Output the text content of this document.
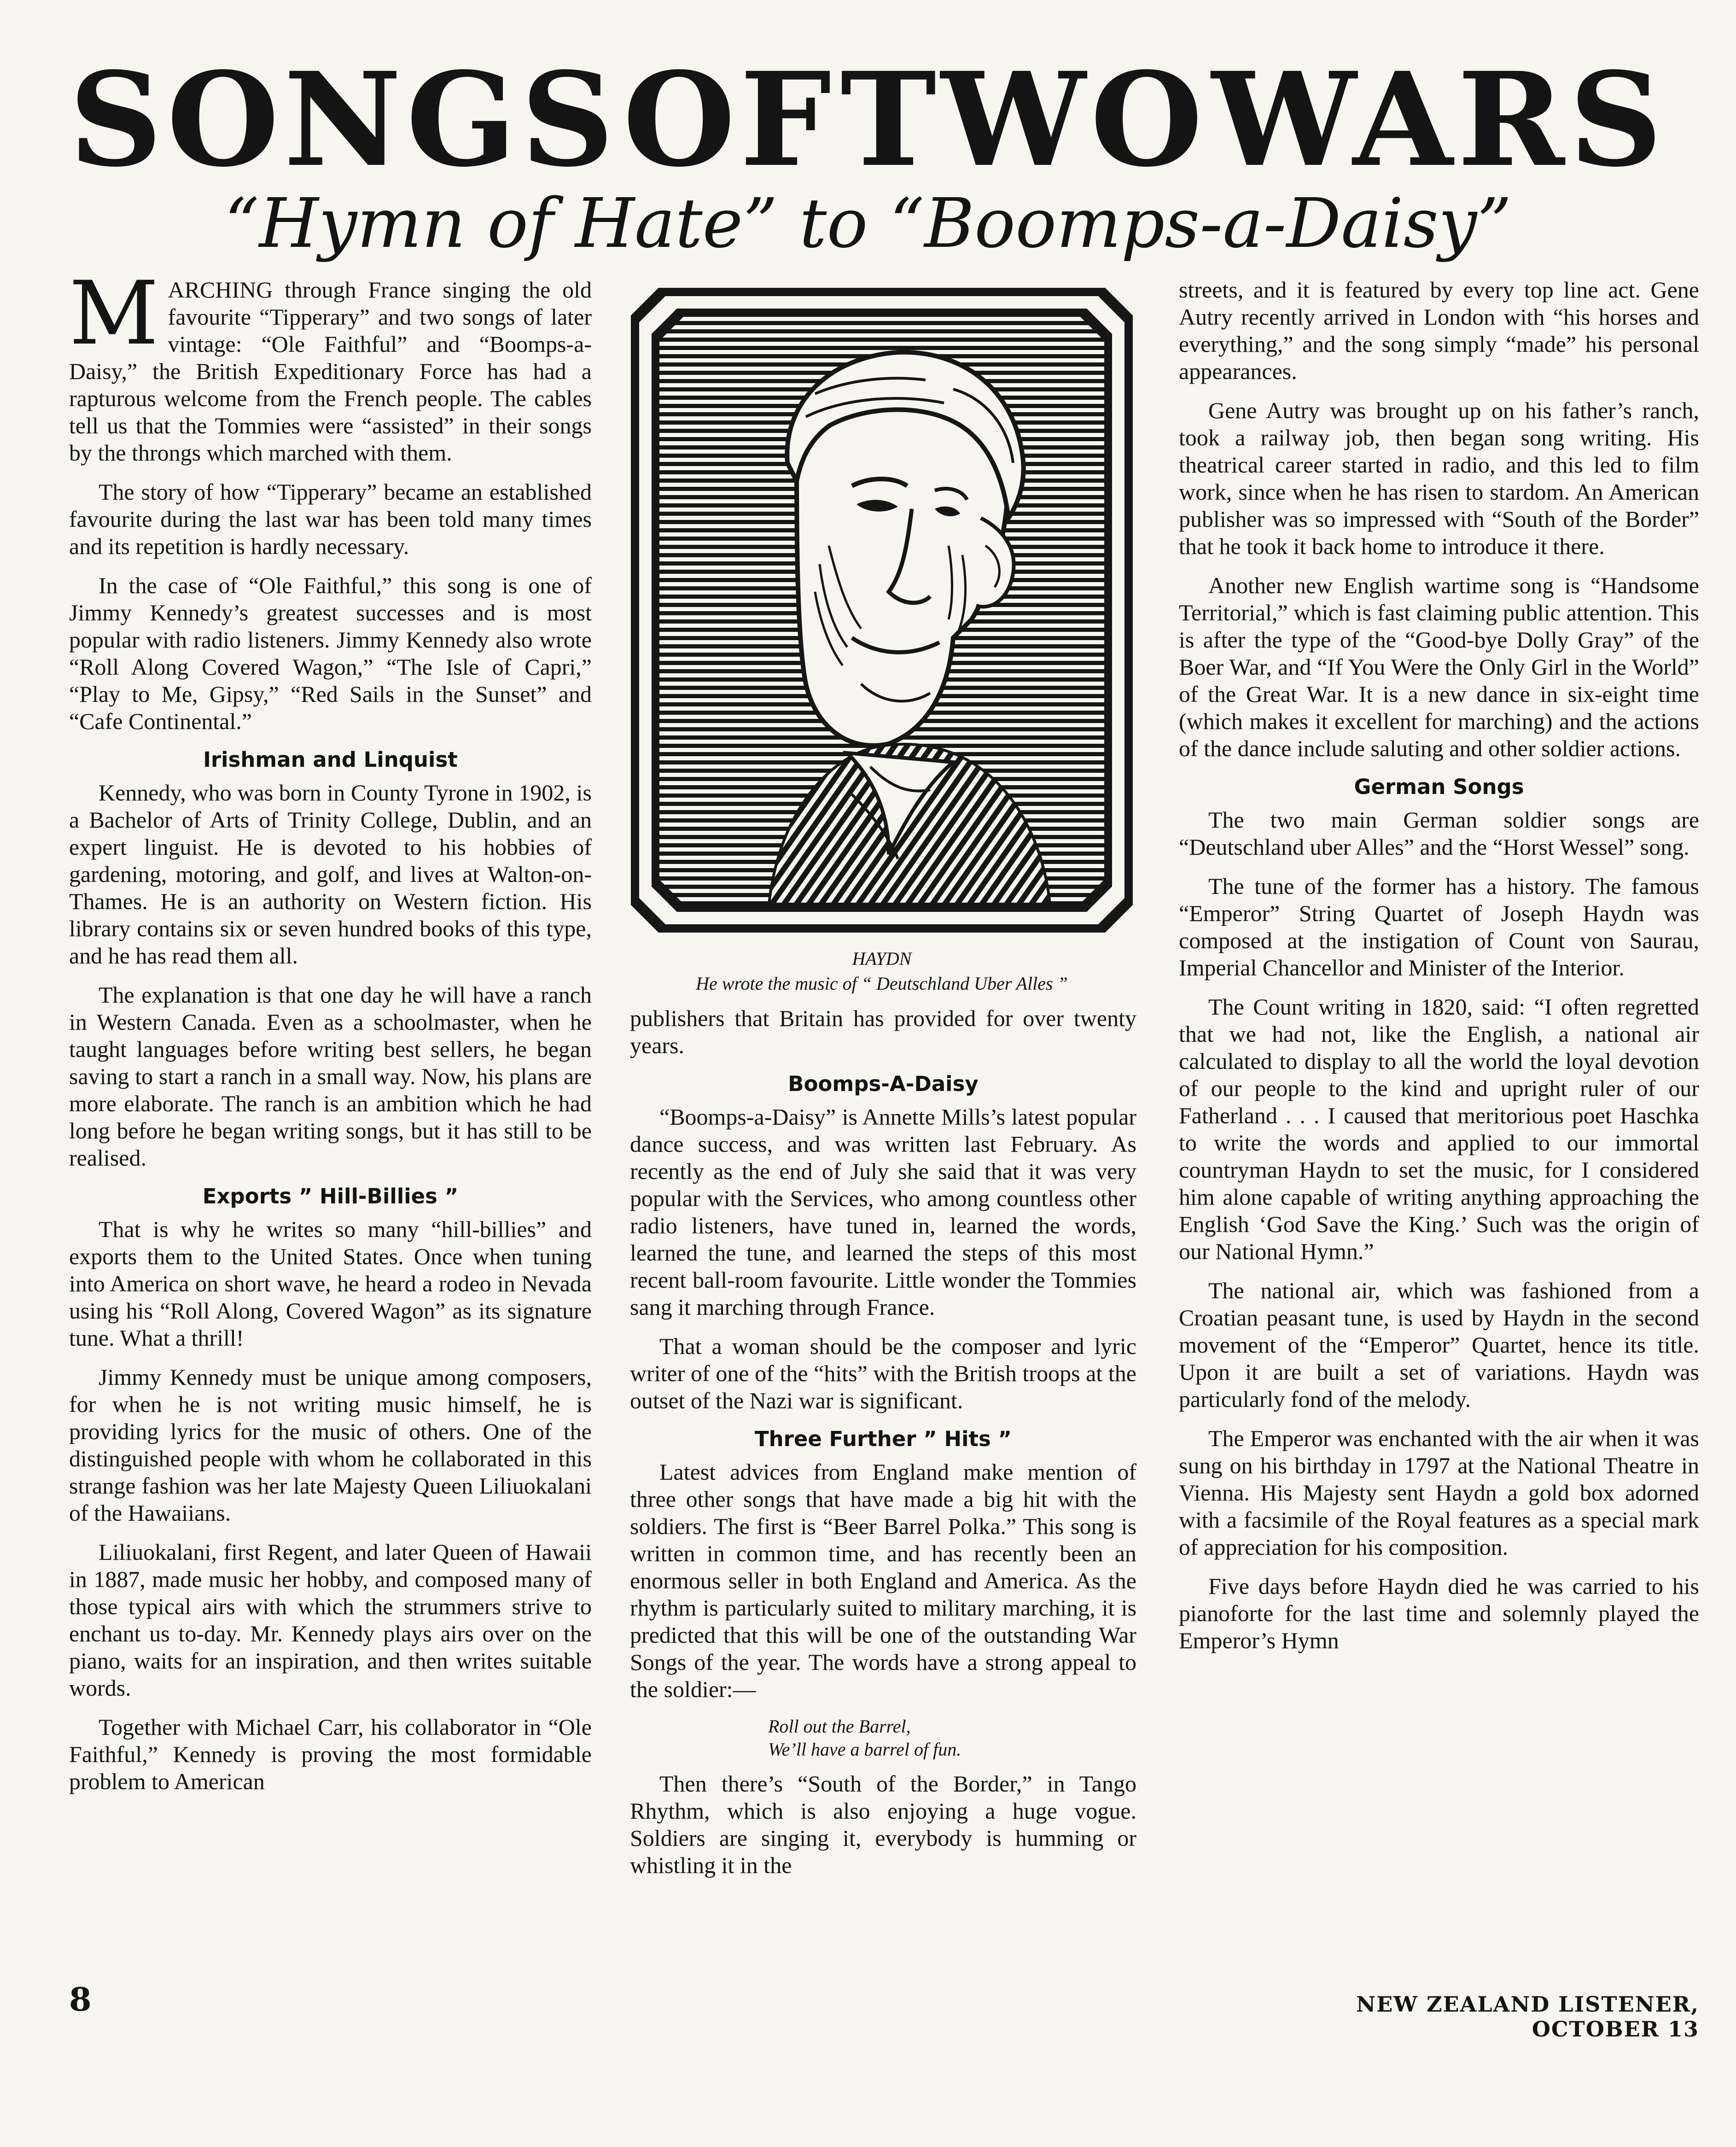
SONGS OF TWO WARS
“Hymn of Hate” to “Boomps-a-Daisy”

MARCHING through France singing the old favourite “Tipperary” and two songs of later vintage: “Ole Faithful” and “Boomps-a-Daisy,” the British Expeditionary Force has had a rapturous welcome from the French people. The cables tell us that the Tommies were “assisted” in their songs by the throngs which marched with them.

The story of how “Tipperary” became an established favourite during the last war has been told many times and its repetition is hardly necessary.

In the case of “Ole Faithful,” this song is one of Jimmy Kennedy’s greatest successes and is most popular with radio listeners. Jimmy Kennedy also wrote “Roll Along Covered Wagon,” “The Isle of Capri,” “Play to Me, Gipsy,” “Red Sails in the Sunset” and “Cafe Continental.”

Irishman and Linquist

Kennedy, who was born in County Tyrone in 1902, is a Bachelor of Arts of Trinity College, Dublin, and an expert linguist. He is devoted to his hobbies of gardening, motoring, and golf, and lives at Walton-on-Thames. He is an authority on Western fiction. His library contains six or seven hundred books of this type, and he has read them all.

The explanation is that one day he will have a ranch in Western Canada. Even as a schoolmaster, when he taught languages before writing best sellers, he began saving to start a ranch in a small way. Now, his plans are more elaborate. The ranch is an ambition which he had long before he began writing songs, but it has still to be realised.

Exports ” Hill-Billies ”

That is why he writes so many “hill-billies” and exports them to the United States. Once when tuning into America on short wave, he heard a rodeo in Nevada using his “Roll Along, Covered Wagon” as its signature tune. What a thrill!

Jimmy Kennedy must be unique among composers, for when he is not writing music himself, he is providing lyrics for the music of others. One of the distinguished people with whom he collaborated in this strange fashion was her late Majesty Queen Liliuokalani of the Hawaiians.

Liliuokalani, first Regent, and later Queen of Hawaii in 1887, made music her hobby, and composed many of those typical airs with which the strummers strive to enchant us to-day. Mr. Kennedy plays airs over on the piano, waits for an inspiration, and then writes suitable words.

Together with Michael Carr, his collaborator in “Ole Faithful,” Kennedy is proving the most formidable problem to American

HAYDN
He wrote the music of “ Deutschland Uber Alles ”

publishers that Britain has provided for over twenty years.

Boomps-A-Daisy

“Boomps-a-Daisy” is Annette Mills’s latest popular dance success, and was written last February. As recently as the end of July she said that it was very popular with the Services, who among countless other radio listeners, have tuned in, learned the words, learned the tune, and learned the steps of this most recent ball-room favourite. Little wonder the Tommies sang it marching through France.

That a woman should be the composer and lyric writer of one of the “hits” with the British troops at the outset of the Nazi war is significant.

Three Further ” Hits ”

Latest advices from England make mention of three other songs that have made a big hit with the soldiers. The first is “Beer Barrel Polka.” This song is written in common time, and has recently been an enormous seller in both England and America. As the rhythm is particularly suited to military marching, it is predicted that this will be one of the outstanding War Songs of the year. The words have a strong appeal to the soldier:—

Roll out the Barrel,
We’ll have a barrel of fun.

Then there’s “South of the Border,” in Tango Rhythm, which is also enjoying a huge vogue. Soldiers are singing it, everybody is humming or whistling it in the

streets, and it is featured by every top line act. Gene Autry recently arrived in London with “his horses and everything,” and the song simply “made” his personal appearances.

Gene Autry was brought up on his father’s ranch, took a railway job, then began song writing. His theatrical career started in radio, and this led to film work, since when he has risen to stardom. An American publisher was so impressed with “South of the Border” that he took it back home to introduce it there.

Another new English wartime song is “Handsome Territorial,” which is fast claiming public attention. This is after the type of the “Good-bye Dolly Gray” of the Boer War, and “If You Were the Only Girl in the World” of the Great War. It is a new dance in six-eight time (which makes it excellent for marching) and the actions of the dance include saluting and other soldier actions.

German Songs

The two main German soldier songs are “Deutschland uber Alles” and the “Horst Wessel” song.

The tune of the former has a history. The famous “Emperor” String Quartet of Joseph Haydn was composed at the instigation of Count von Saurau, Imperial Chancellor and Minister of the Interior.

The Count writing in 1820, said: “I often regretted that we had not, like the English, a national air calculated to display to all the world the loyal devotion of our people to the kind and upright ruler of our Fatherland . . . I caused that meritorious poet Haschka to write the words and applied to our immortal countryman Haydn to set the music, for I considered him alone capable of writing anything approaching the English ‘God Save the King.’ Such was the origin of our National Hymn.”

The national air, which was fashioned from a Croatian peasant tune, is used by Haydn in the second movement of the “Emperor” Quartet, hence its title. Upon it are built a set of variations. Haydn was particularly fond of the melody.

The Emperor was enchanted with the air when it was sung on his birthday in 1797 at the National Theatre in Vienna. His Majesty sent Haydn a gold box adorned with a facsimile of the Royal features as a special mark of appreciation for his composition.

Five days before Haydn died he was carried to his pianoforte for the last time and solemnly played the Emperor’s Hymn

8	NEW ZEALAND LISTENER, OCTOBER 13
